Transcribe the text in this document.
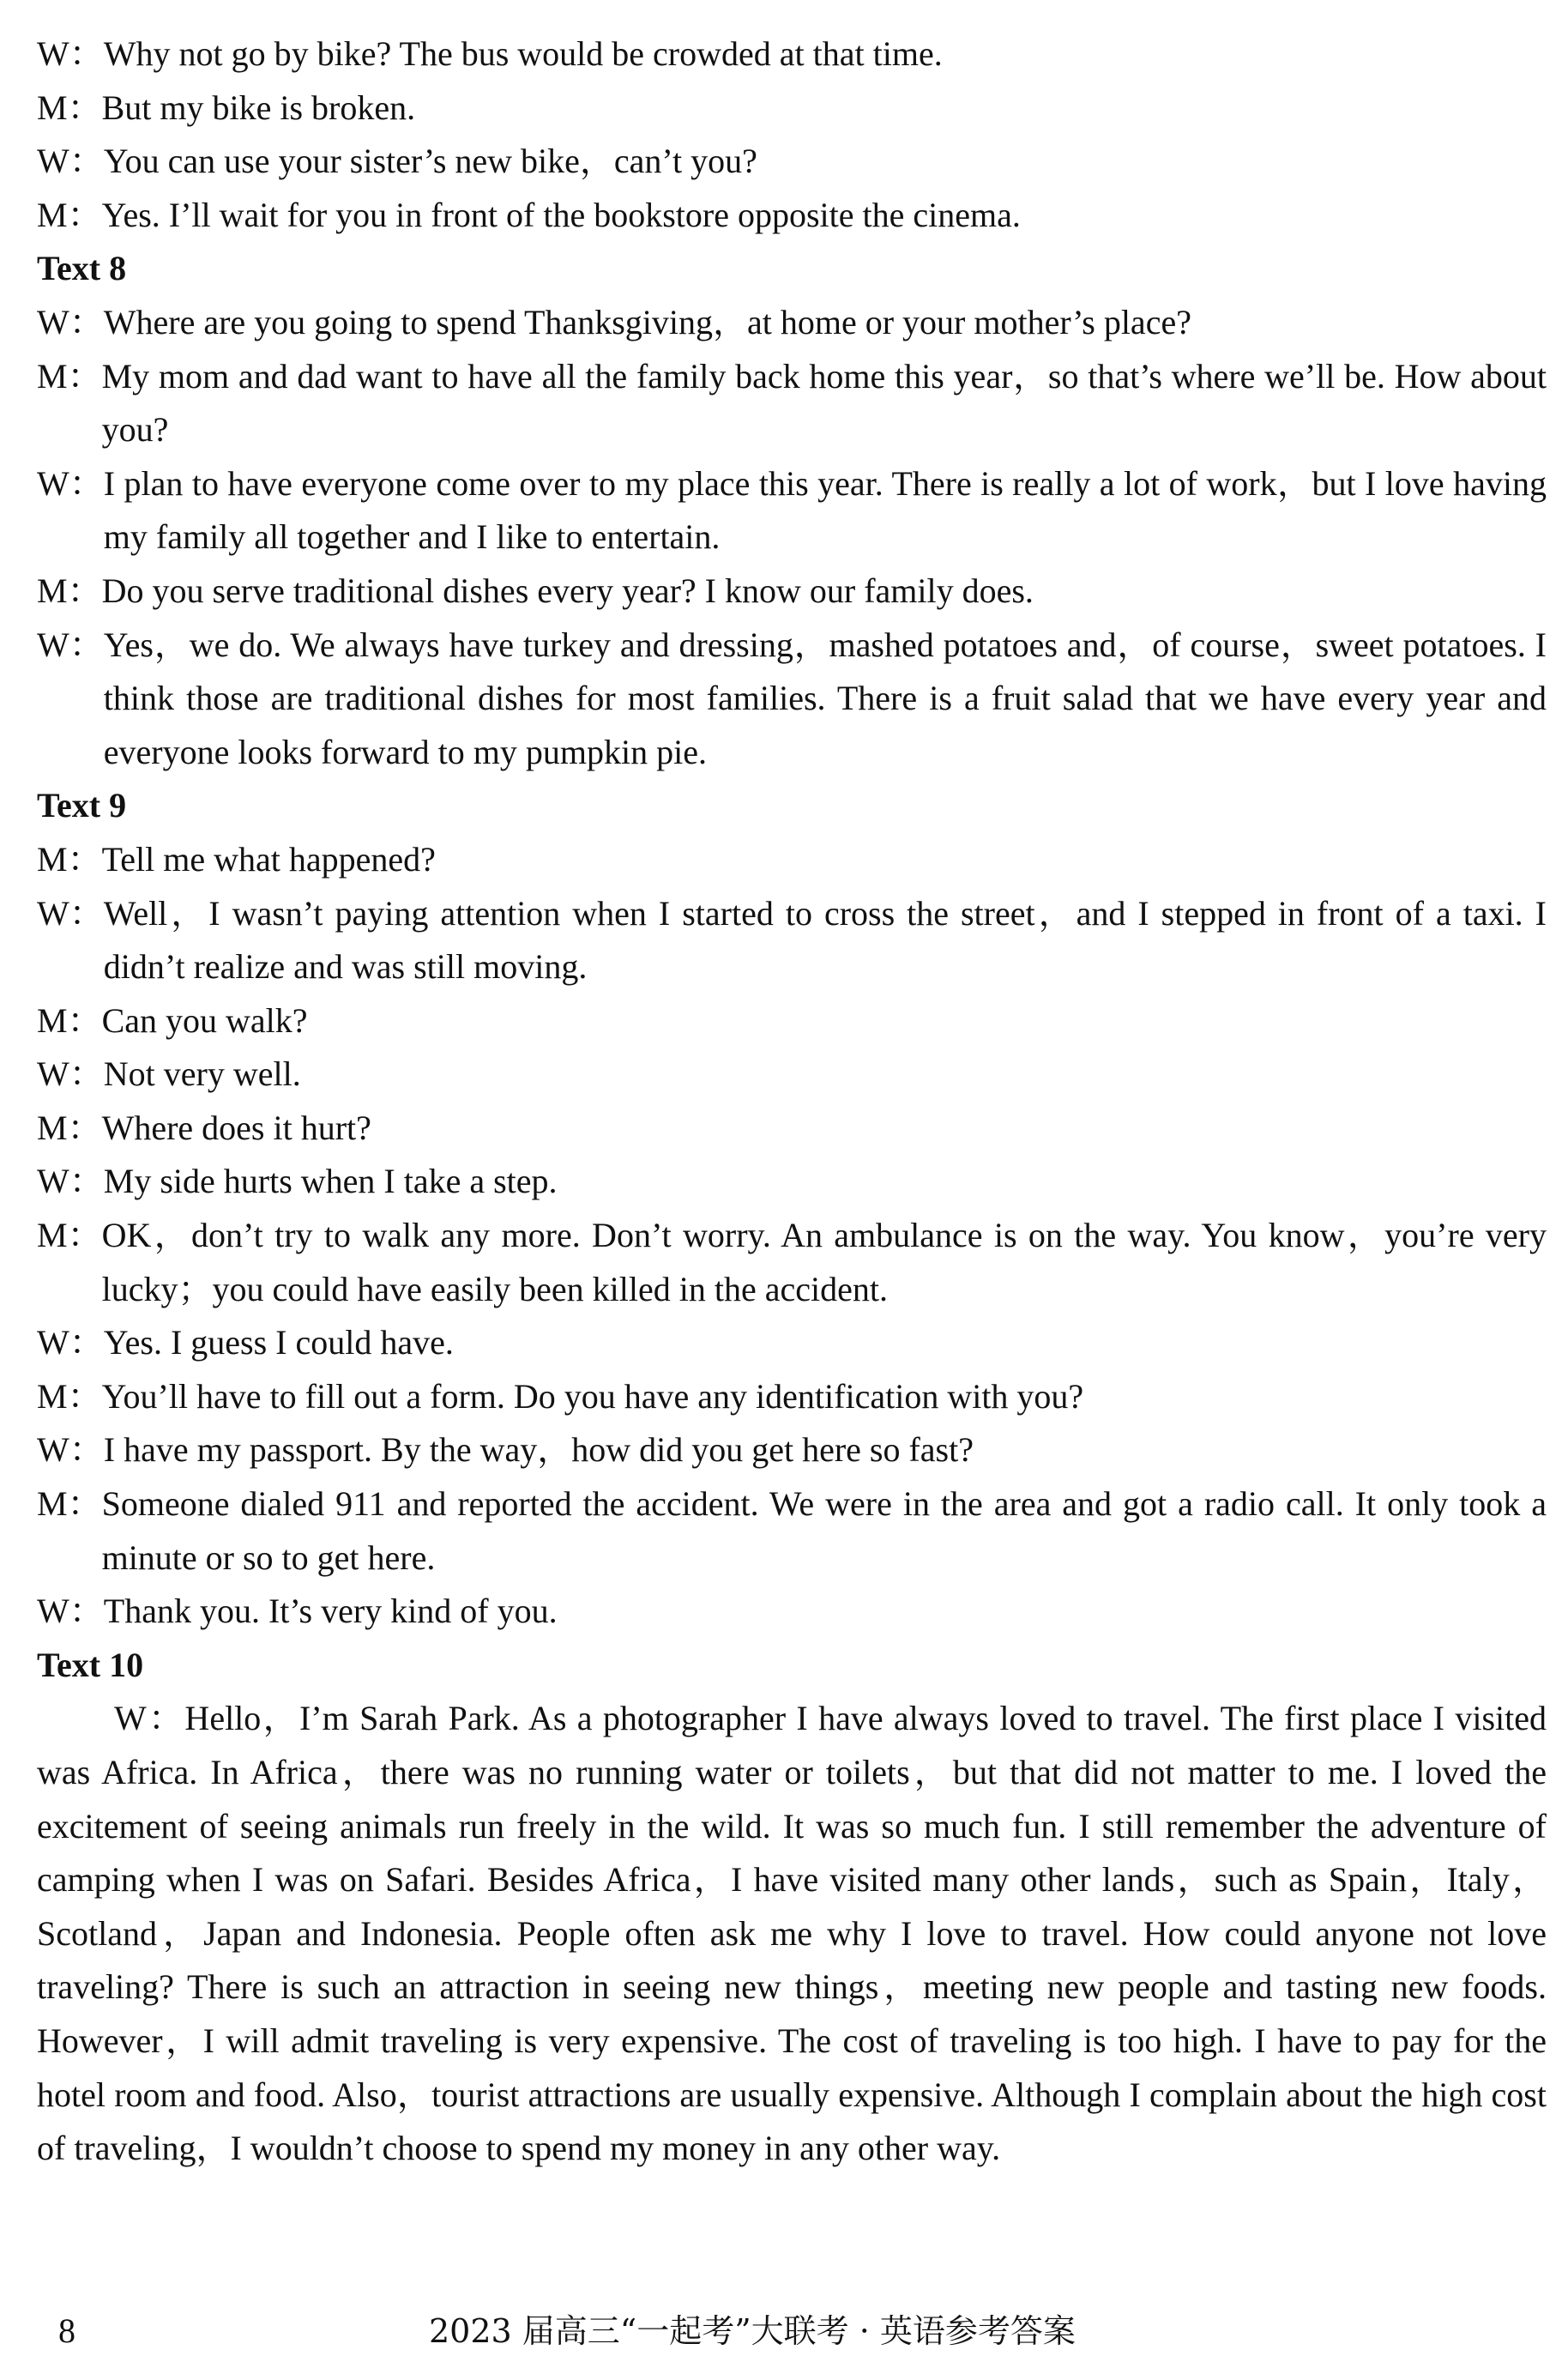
W： Why not go by bike? The bus would be crowded at that time.
M： But my bike is broken.
W： You can use your sister’s new bike，can’t you?
M： Yes. I’ll wait for you in front of the bookstore opposite the cinema.
Text 8
W： Where are you going to spend Thanksgiving，at home or your mother’s place?
M： My mom and dad want to have all the family back home this year，so that’s where we’ll be. How about you?
W： I plan to have everyone come over to my place this year. There is really a lot of work，but I love having my family all together and I like to entertain.
M： Do you serve traditional dishes every year? I know our family does.
W： Yes，we do. We always have turkey and dressing，mashed potatoes and，of course，sweet potatoes. I think those are traditional dishes for most families. There is a fruit salad that we have every year and everyone looks forward to my pumpkin pie.
Text 9
M： Tell me what happened?
W： Well，I wasn’t paying attention when I started to cross the street，and I stepped in front of a taxi. I didn’t realize and was still moving.
M： Can you walk?
W： Not very well.
M： Where does it hurt?
W： My side hurts when I take a step.
M： OK，don’t try to walk any more. Don’t worry. An ambulance is on the way. You know，you’re very lucky；you could have easily been killed in the accident.
W： Yes. I guess I could have.
M： You’ll have to fill out a form. Do you have any identification with you?
W： I have my passport. By the way，how did you get here so fast?
M： Someone dialed 911 and reported the accident. We were in the area and got a radio call. It only took a minute or so to get here.
W： Thank you. It’s very kind of you.
Text 10

W：Hello，I’m Sarah Park. As a photographer I have always loved to travel. The first place I visited was Africa. In Africa，there was no running water or toilets，but that did not matter to me. I loved the excitement of seeing animals run freely in the wild. It was so much fun. I still remember the adventure of camping when I was on Safari. Besides Africa，I have visited many other lands，such as Spain，Italy，Scotland，Japan and Indonesia. People often ask me why I love to travel. How could anyone not love traveling? There is such an attraction in seeing new things，meeting new people and tasting new foods. However，I will admit traveling is very expensive. The cost of traveling is too high. I have to pay for the hotel room and food. Also，tourist attractions are usually expensive. Although I complain about the high cost of traveling，I wouldn’t choose to spend my money in any other way.

8	2023 届高三“一起考”大联考 · 英语参考答案
